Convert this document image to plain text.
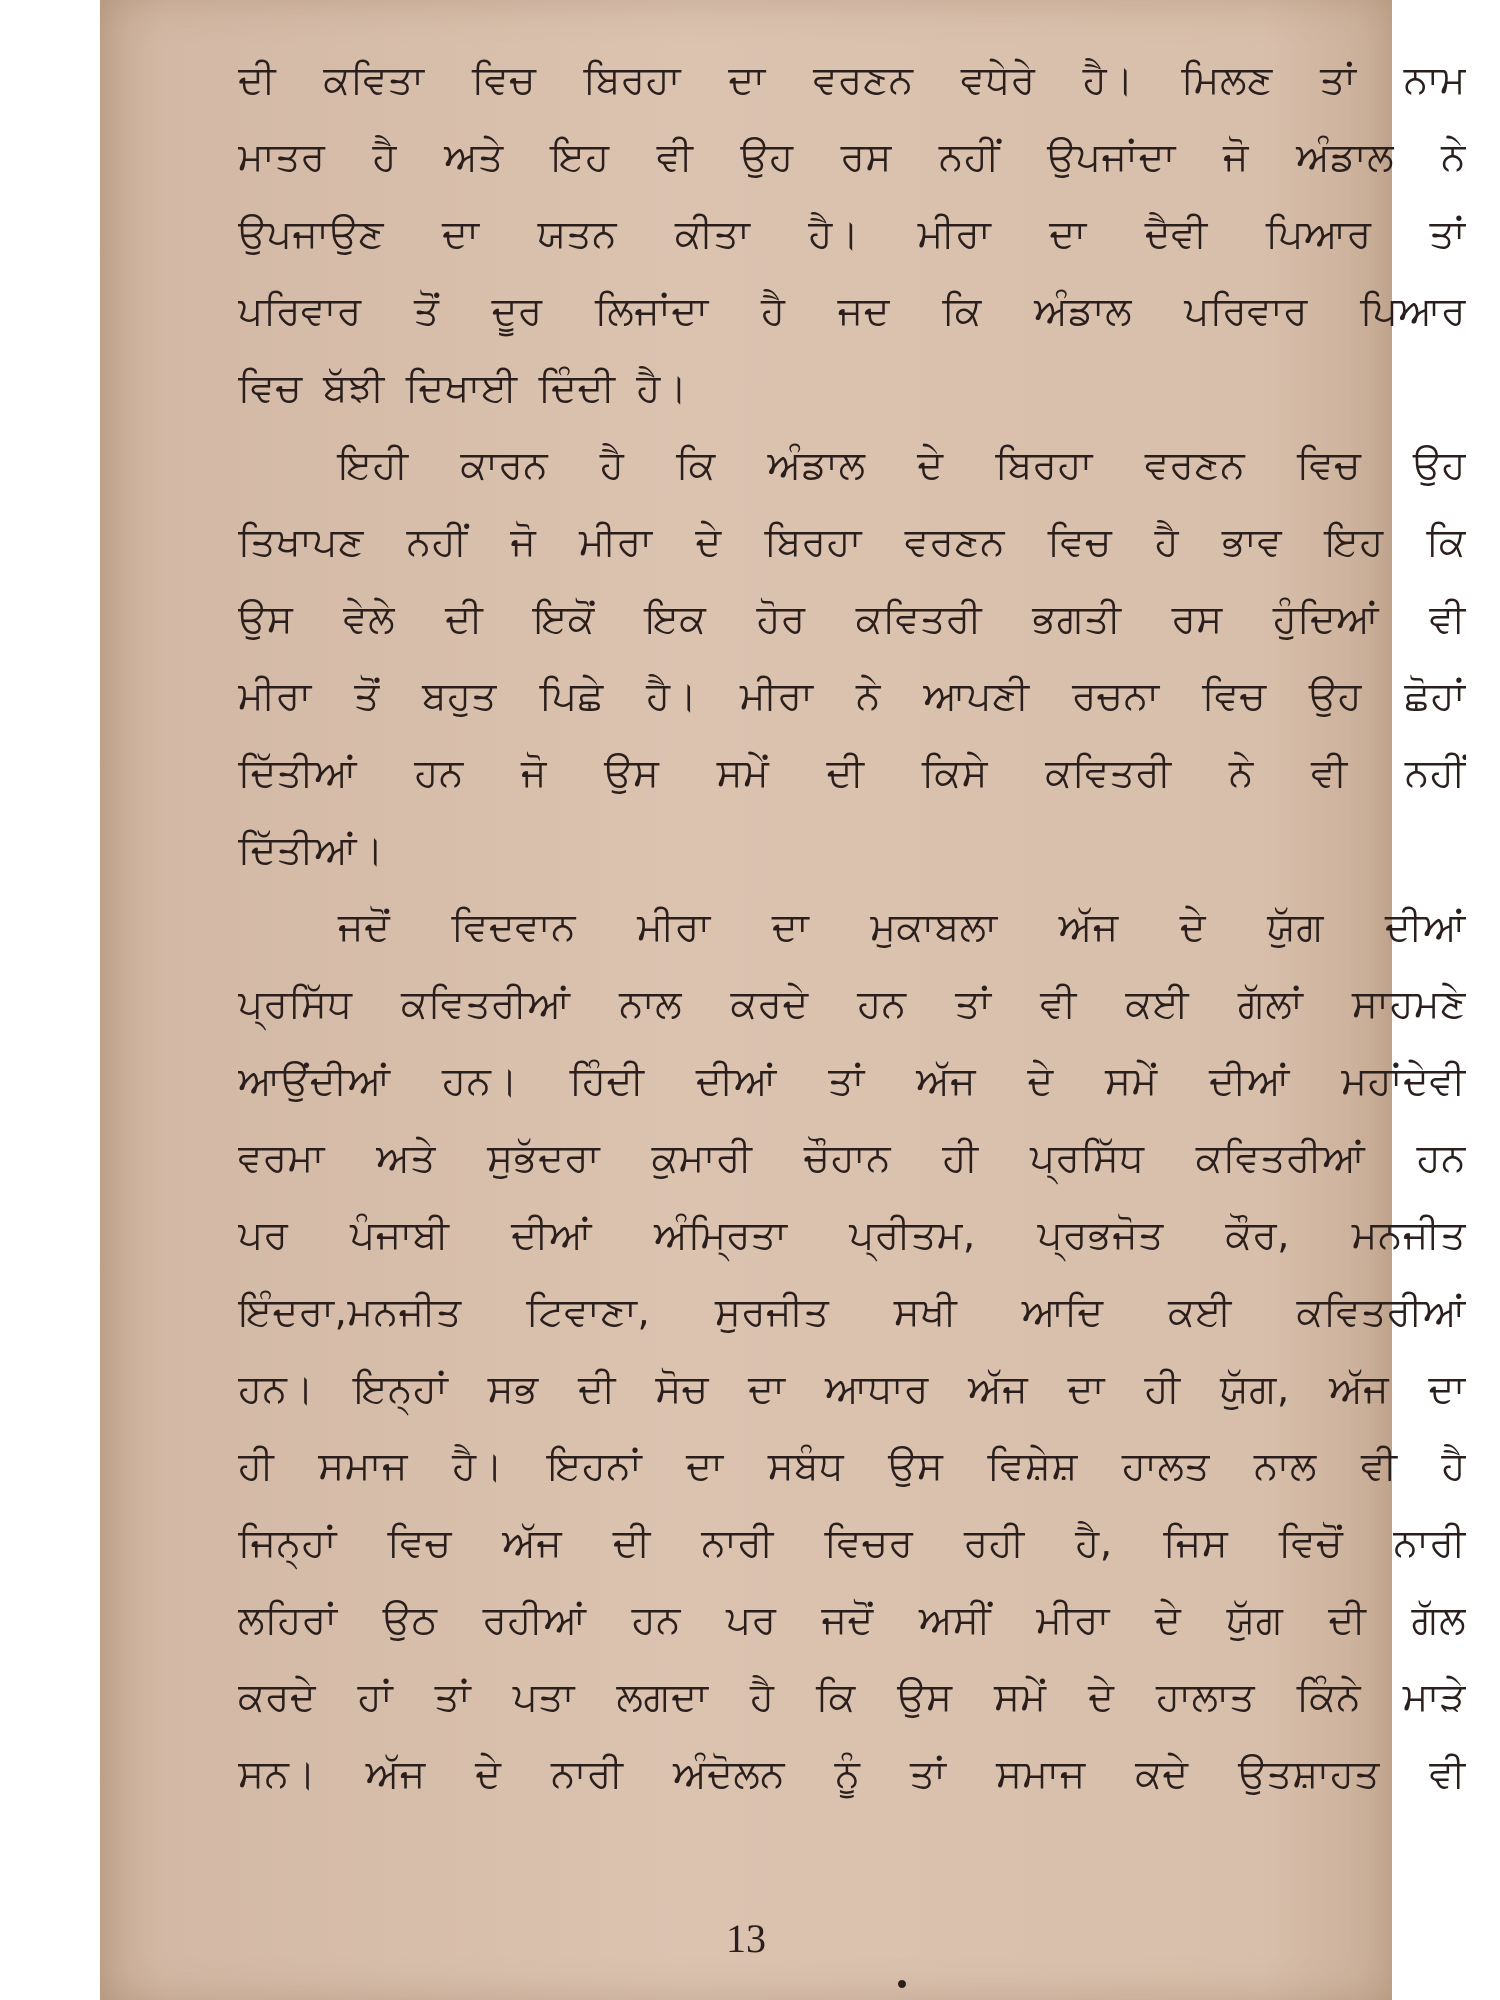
ਦੀ ਕਵਿਤਾ ਵਿਚ ਬਿਰਹਾ ਦਾ ਵਰਣਨ ਵਧੇਰੇ ਹੈ। ਮਿਲਣ ਤਾਂ ਨਾਮ
ਮਾਤਰ ਹੈ ਅਤੇ ਇਹ ਵੀ ਉਹ ਰਸ ਨਹੀਂ ਉਪਜਾਂਦਾ ਜੋ ਅੰਡਾਲ ਨੇ
ਉਪਜਾਉਣ ਦਾ ਯਤਨ ਕੀਤਾ ਹੈ। ਮੀਰਾ ਦਾ ਦੈਵੀ ਪਿਆਰ ਤਾਂ
ਪਰਿਵਾਰ ਤੋਂ ਦੂਰ ਲਿਜਾਂਦਾ ਹੈ ਜਦ ਕਿ ਅੰਡਾਲ ਪਰਿਵਾਰ ਪਿਆਰ
ਵਿਚ ਬੱਝੀ ਦਿਖਾਈ ਦਿੰਦੀ ਹੈ।
ਇਹੀ ਕਾਰਨ ਹੈ ਕਿ ਅੰਡਾਲ ਦੇ ਬਿਰਹਾ ਵਰਣਨ ਵਿਚ ਉਹ
ਤਿਖਾਪਣ ਨਹੀਂ ਜੋ ਮੀਰਾ ਦੇ ਬਿਰਹਾ ਵਰਣਨ ਵਿਚ ਹੈ ਭਾਵ ਇਹ ਕਿ
ਉਸ ਵੇਲੇ ਦੀ ਇਕੋਂ ਇਕ ਹੋਰ ਕਵਿਤਰੀ ਭਗਤੀ ਰਸ ਹੁੰਦਿਆਂ ਵੀ
ਮੀਰਾ ਤੋਂ ਬਹੁਤ ਪਿਛੇ ਹੈ। ਮੀਰਾ ਨੇ ਆਪਣੀ ਰਚਨਾ ਵਿਚ ਉਹ ਛੋਹਾਂ
ਦਿੱਤੀਆਂ ਹਨ ਜੋ ਉਸ ਸਮੇਂ ਦੀ ਕਿਸੇ ਕਵਿਤਰੀ ਨੇ ਵੀ ਨਹੀਂ
ਦਿੱਤੀਆਂ।
ਜਦੋਂ ਵਿਦਵਾਨ ਮੀਰਾ ਦਾ ਮੁਕਾਬਲਾ ਅੱਜ ਦੇ ਯੁੱਗ ਦੀਆਂ
ਪ੍ਰਸਿੱਧ ਕਵਿਤਰੀਆਂ ਨਾਲ ਕਰਦੇ ਹਨ ਤਾਂ ਵੀ ਕਈ ਗੱਲਾਂ ਸਾਹਮਣੇ
ਆਉਂਦੀਆਂ ਹਨ। ਹਿੰਦੀ ਦੀਆਂ ਤਾਂ ਅੱਜ ਦੇ ਸਮੇਂ ਦੀਆਂ ਮਹਾਂਦੇਵੀ
ਵਰਮਾ ਅਤੇ ਸੁਭੱਦਰਾ ਕੁਮਾਰੀ ਚੌਹਾਨ ਹੀ ਪ੍ਰਸਿੱਧ ਕਵਿਤਰੀਆਂ ਹਨ
ਪਰ ਪੰਜਾਬੀ ਦੀਆਂ ਅੰਮ੍ਰਿਤਾ ਪ੍ਰੀਤਮ, ਪ੍ਰਭਜੋਤ ਕੌਰ, ਮਨਜੀਤ
ਇੰਦਰਾ,ਮਨਜੀਤ ਟਿਵਾਣਾ, ਸੁਰਜੀਤ ਸਖੀ ਆਦਿ ਕਈ ਕਵਿਤਰੀਆਂ
ਹਨ। ਇਨ੍ਹਾਂ ਸਭ ਦੀ ਸੋਚ ਦਾ ਆਧਾਰ ਅੱਜ ਦਾ ਹੀ ਯੁੱਗ, ਅੱਜ ਦਾ
ਹੀ ਸਮਾਜ ਹੈ। ਇਹਨਾਂ ਦਾ ਸਬੰਧ ਉਸ ਵਿਸ਼ੇਸ਼ ਹਾਲਤ ਨਾਲ ਵੀ ਹੈ
ਜਿਨ੍ਹਾਂ ਵਿਚ ਅੱਜ ਦੀ ਨਾਰੀ ਵਿਚਰ ਰਹੀ ਹੈ, ਜਿਸ ਵਿਚੋਂ ਨਾਰੀ
ਲਹਿਰਾਂ ਉਠ ਰਹੀਆਂ ਹਨ ਪਰ ਜਦੋਂ ਅਸੀਂ ਮੀਰਾ ਦੇ ਯੁੱਗ ਦੀ ਗੱਲ
ਕਰਦੇ ਹਾਂ ਤਾਂ ਪਤਾ ਲਗਦਾ ਹੈ ਕਿ ਉਸ ਸਮੇਂ ਦੇ ਹਾਲਾਤ ਕਿੰਨੇ ਮਾੜੇ
ਸਨ। ਅੱਜ ਦੇ ਨਾਰੀ ਅੰਦੋਲਨ ਨੂੰ ਤਾਂ ਸਮਾਜ ਕਦੇ ਉਤਸ਼ਾਹਤ ਵੀ
13
